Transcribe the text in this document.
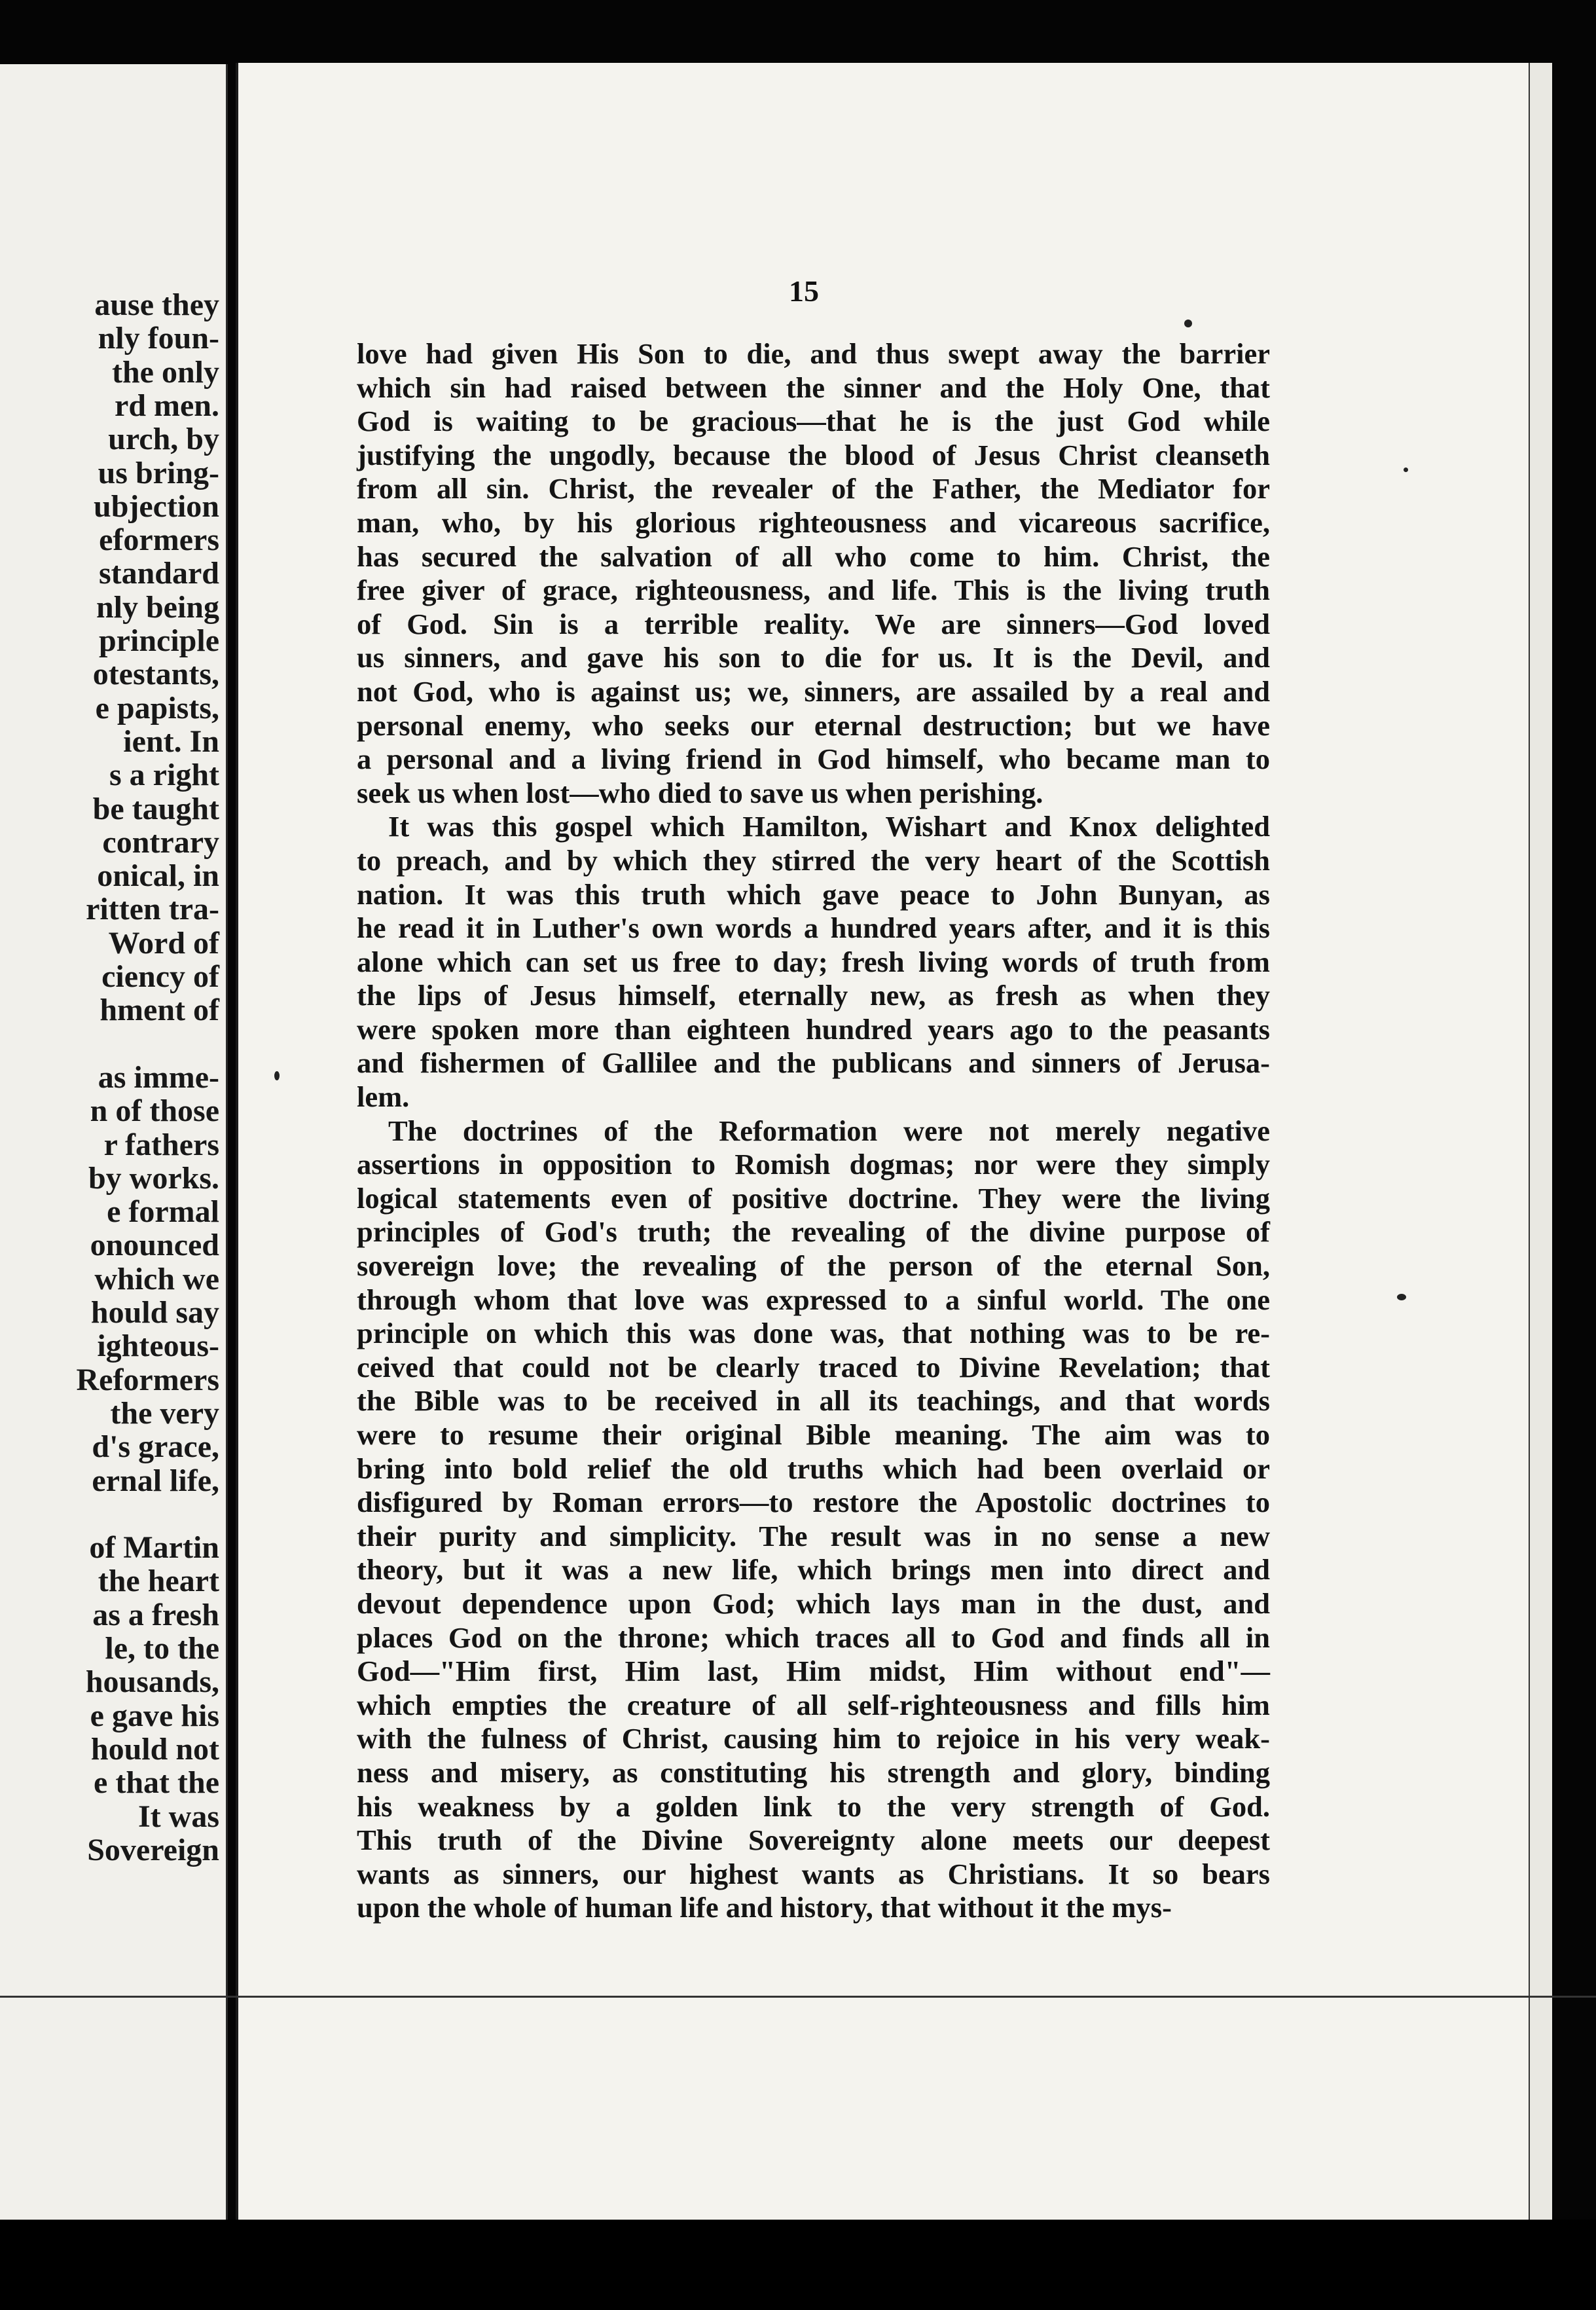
ause they
nly foun-
the only
rd men.
urch, by
us bring-
ubjection
eformers
standard
nly being
principle
otestants,
e papists,
ient. In
s a right
be taught
contrary
onical, in
ritten tra-
Word of
ciency of
hment of
as imme-
n of those
r fathers
by works.
e formal
onounced
which we
hould say
ighteous-
Reformers
the very
d's grace,
ernal life,
of Martin
the heart
as a fresh
le, to the
housands,
e gave his
hould not
e that the
It was
Sovereign
15
love had given His Son to die, and thus swept away the barrier
which sin had raised between the sinner and the Holy One, that
God is waiting to be gracious—that he is the just God while
justifying the ungodly, because the blood of Jesus Christ cleanseth
from all sin. Christ, the revealer of the Father, the Mediator for
man, who, by his glorious righteousness and vicareous sacrifice,
has secured the salvation of all who come to him. Christ, the
free giver of grace, righteousness, and life. This is the living truth
of God. Sin is a terrible reality. We are sinners—God loved
us sinners, and gave his son to die for us. It is the Devil, and
not God, who is against us; we, sinners, are assailed by a real and
personal enemy, who seeks our eternal destruction; but we have
a personal and a living friend in God himself, who became man to
seek us when lost—who died to save us when perishing.
It was this gospel which Hamilton, Wishart and Knox delighted
to preach, and by which they stirred the very heart of the Scottish
nation. It was this truth which gave peace to John Bunyan, as
he read it in Luther's own words a hundred years after, and it is this
alone which can set us free to day; fresh living words of truth from
the lips of Jesus himself, eternally new, as fresh as when they
were spoken more than eighteen hundred years ago to the peasants
and fishermen of Gallilee and the publicans and sinners of Jerusa-
lem.
The doctrines of the Reformation were not merely negative
assertions in opposition to Romish dogmas; nor were they simply
logical statements even of positive doctrine. They were the living
principles of God's truth; the revealing of the divine purpose of
sovereign love; the revealing of the person of the eternal Son,
through whom that love was expressed to a sinful world. The one
principle on which this was done was, that nothing was to be re-
ceived that could not be clearly traced to Divine Revelation; that
the Bible was to be received in all its teachings, and that words
were to resume their original Bible meaning. The aim was to
bring into bold relief the old truths which had been overlaid or
disfigured by Roman errors—to restore the Apostolic doctrines to
their purity and simplicity. The result was in no sense a new
theory, but it was a new life, which brings men into direct and
devout dependence upon God; which lays man in the dust, and
places God on the throne; which traces all to God and finds all in
God—"Him first, Him last, Him midst, Him without end"—
which empties the creature of all self-righteousness and fills him
with the fulness of Christ, causing him to rejoice in his very weak-
ness and misery, as constituting his strength and glory, binding
his weakness by a golden link to the very strength of God.
This truth of the Divine Sovereignty alone meets our deepest
wants as sinners, our highest wants as Christians. It so bears
upon the whole of human life and history, that without it the mys-
